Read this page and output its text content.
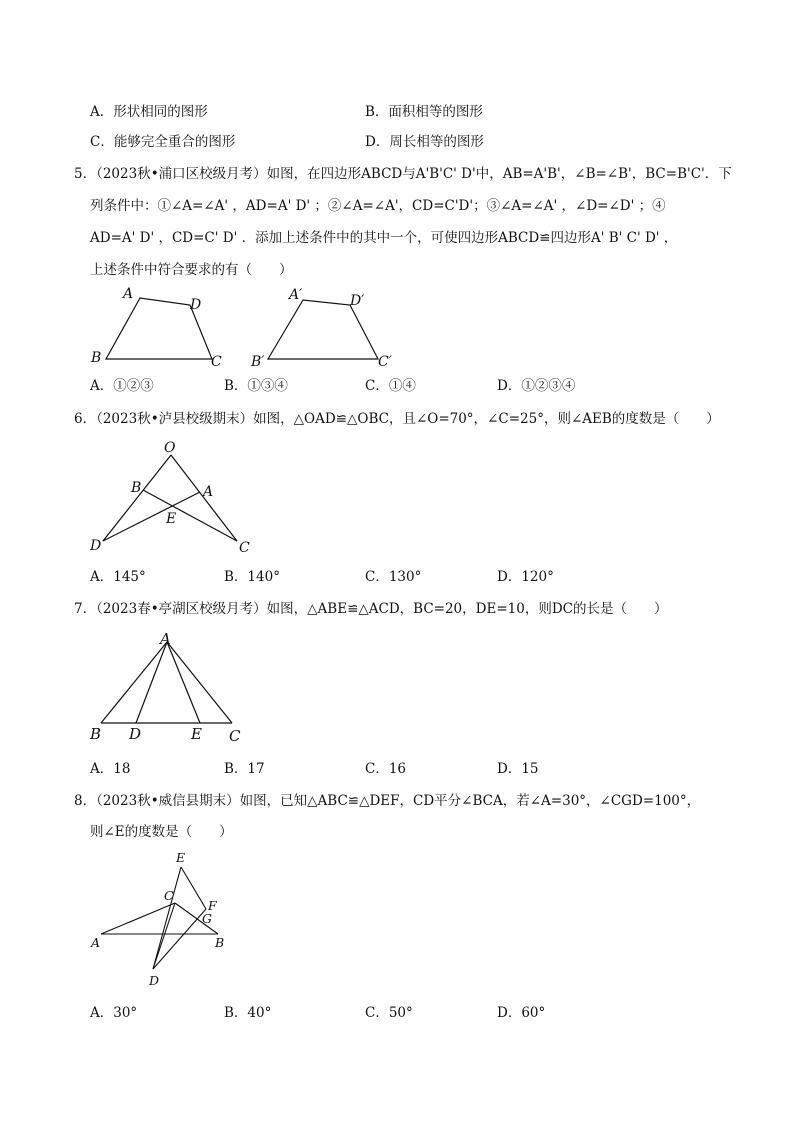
A．形状相同的图形	B．面积相等的图形
C．能够完全重合的图形	D．周长相等的图形
5．（2023秋•浦口区校级月考）如图，在四边形ABCD与A'B'C' D'中，AB=A'B'，∠B=∠B'，BC=B'C'．下
列条件中：①∠A=∠A' ，AD=A' D' ；②∠A=∠A'，CD=C'D'；③∠A=∠A' ，∠D=∠D' ；④
AD=A' D' ，CD=C' D' ．添加上述条件中的其中一个，可使四边形ABCD≌四边形A' B' C' D' ，
上述条件中符合要求的有（　　）
A
D
B	C
A′	D′
B′	C′
A．①②③	B．①③④	C．①④	D．①②③④
6．（2023秋•泸县校级期末）如图，△OAD≌△OBC，且∠O=70°，∠C=25°，则∠AEB的度数是（　　）
O
B	A
E
D	C
A．145°	B．140°	C．130°	D．120°
7．（2023春•亭湖区校级月考）如图，△ABE≌△ACD，BC=20，DE=10，则DC的长是（　　）
A
B D	E C
A．18	B．17	C．16	D．15
8．（2023秋•威信县期末）如图，已知△ABC≌△DEF，CD平分∠BCA，若∠A=30°，∠CGD=100°，
则∠E的度数是（　　）
E
C
F
G
A	B
D
A．30°	B．40°	C．50°	D．60°
